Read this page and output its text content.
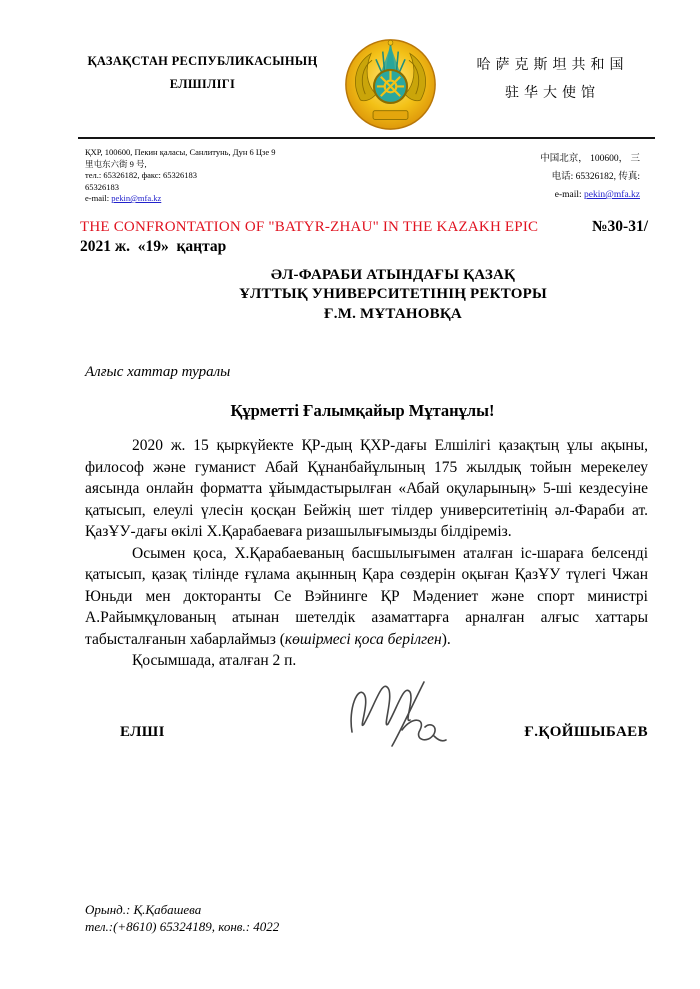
ҚАЗАҚСТАН РЕСПУБЛИКАСЫНЫҢ
ЕЛШІЛІГІ
哈萨克斯坦共和国
驻华大使馆
ҚХР, 100600, Пекин қаласы, Санлитунь, Дун 6 Цзе 9
里屯东六街 9 号,
тел.: 65326182, факс: 65326183
65326183
e-mail: pekin@mfa.kz
中国北京， 100600， 三
电话: 65326182, 传真:
e-mail: pekin@mfa.kz
THE CONFRONTATION OF "BATYR-ZHAU" IN THE KAZAKH EPIC	№30-31/
2021 ж.  «19»  қаңтар
ӘЛ-ФАРАБИ АТЫНДАҒЫ ҚАЗАҚ
ҰЛТТЫҚ УНИВЕРСИТЕТІНІҢ РЕКТОРЫ
Ғ.М. МҰТАНОВҚА
Алғыс хаттар туралы
Құрметті Ғалымқайыр Мұтанұлы!

2020 ж. 15 қыркүйекте ҚР-дың ҚХР-дағы Елшілігі қазақтың ұлы ақыны, философ және гуманист Абай Құнанбайұлының 175 жылдық тойын мерекелеу аясында онлайн форматта ұйымдастырылған «Абай оқуларының» 5-ші кездесуіне қатысып, елеулі үлесін қосқан Бейжің шет тілдер университетінің әл-Фараби ат. ҚазҰУ-дағы өкілі Х.Қарабаеваға ризашылығымызды білдіреміз.

Осымен қоса, Х.Қарабаеваның басшылығымен аталған іс-шараға белсенді қатысып, қазақ тілінде ғұлама ақынның Қара сөздерін оқыған ҚазҰУ түлегі Чжан Юньди мен докторанты Се Вэйнинге ҚР Мәдениет және спорт министрі А.Райымқұлованың атынан шетелдік азаматтарға арналған алғыс хаттары табысталғанын хабарлаймыз (көшірмесі қоса берілген).

Қосымшада, аталған 2 п.

ЕЛШІ	Ғ.ҚОЙШЫБАЕВ
Орынд.: Қ.Қабашева
тел.:(+8610) 65324189, конв.: 4022
